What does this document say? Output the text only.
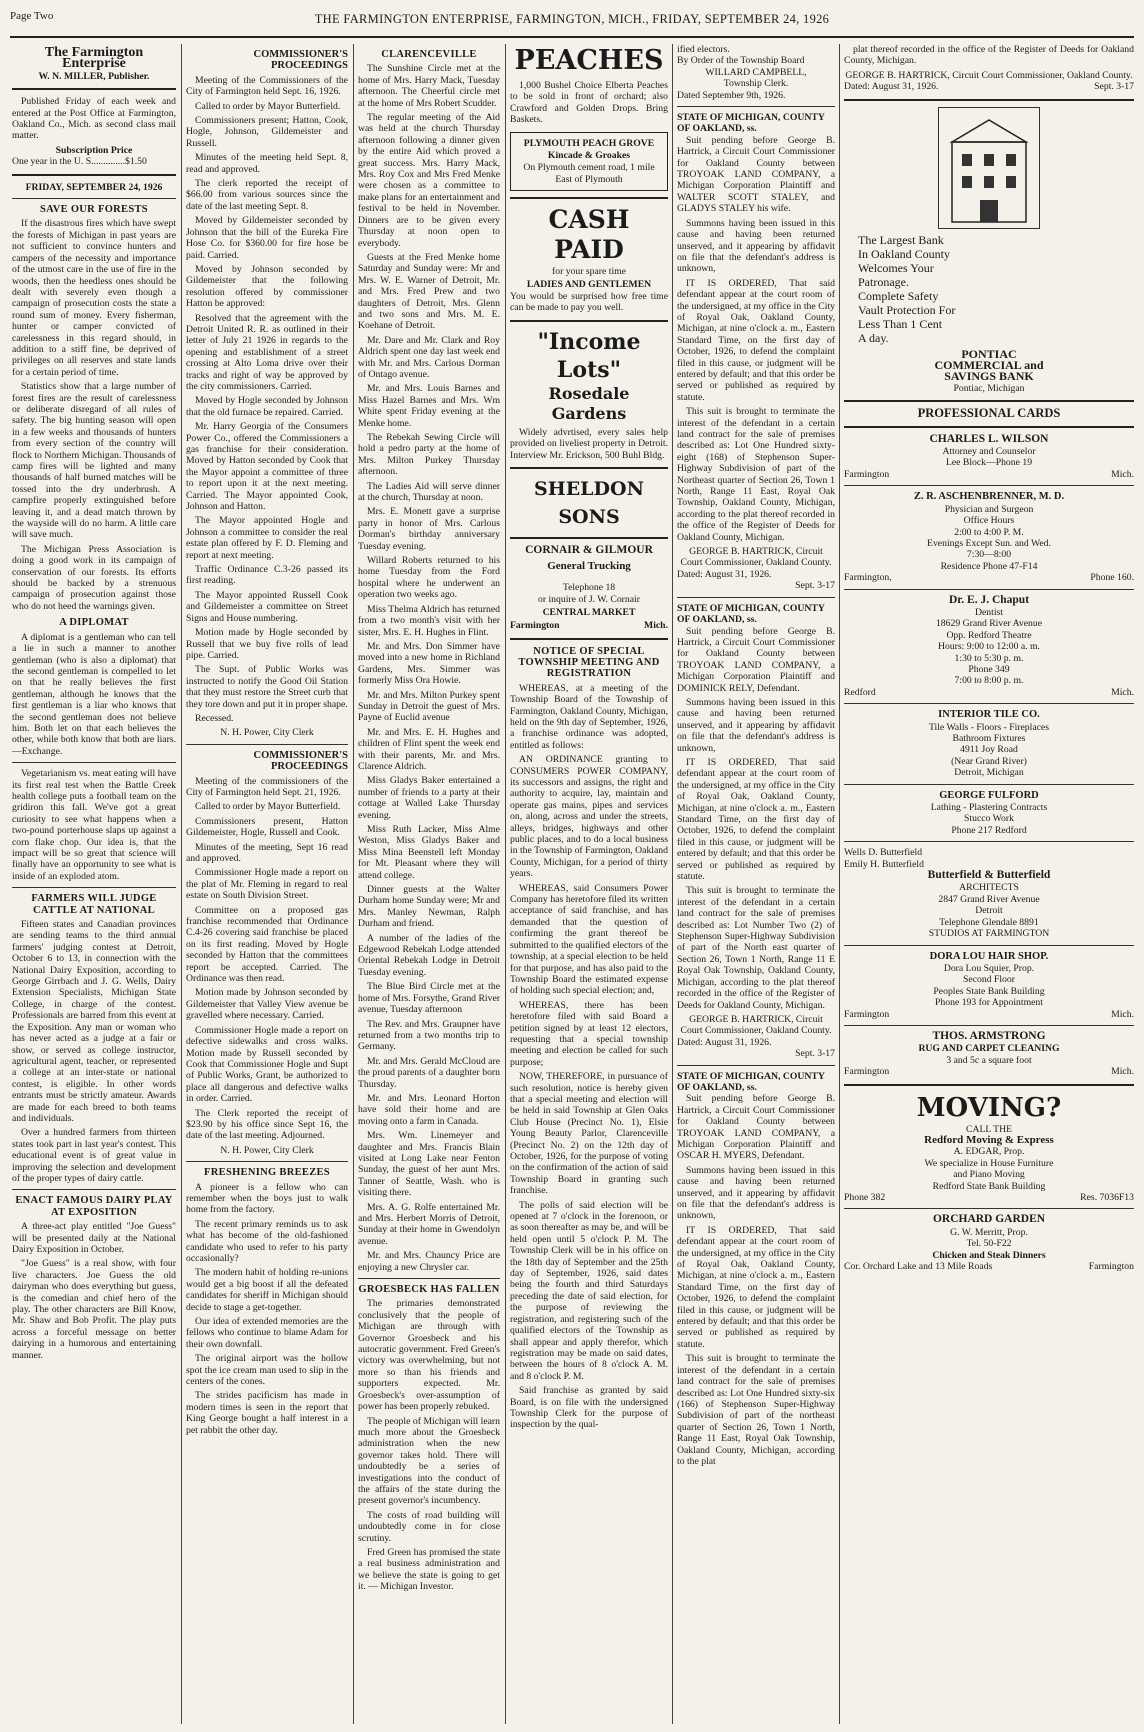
Page Two	THE FARMINGTON ENTERPRISE, FARMINGTON, MICH., FRIDAY, SEPTEMBER 24, 1926
The Farmington Enterprise
W. N. MILLER, Publisher.

Published Friday of each week and entered at the Post Office at Farmington, Oakland Co., Mich. as second class mail matter.

Subscription Price
One year in the U. S..............$1.50
FRIDAY, SEPTEMBER 24, 1926
SAVE OUR FORESTS

If the disastrous fires which have swept the forests of Michigan in past years are not sufficient to convince hunters and campers of the necessity and importance of the utmost care in the use of fire in the woods, then the heedless ones should be dealt with severely even though a campaign of prosecution costs the state a round sum of money. Every fisherman, hunter or camper convicted of carelessness in this regard should, in addition to a stiff fine, be deprived of privileges on all reserves and state lands for a certain period of time.

Statistics show that a large number of forest fires are the result of carelessness or deliberate disregard of all rules of safety. The big hunting season will open in a few weeks and thousands of hunters from every section of the country will flock to Northern Michigan. Thousands of camp fires will be lighted and many thousands of half burned matches will be tossed into the dry underbrush. A campfire properly extinguished before leaving it, and a dead match thrown by the wayside will do no harm. A little care will save much.

The Michigan Press Association is doing a good work in its campaign of conservation of our forests. Its efforts should be backed by a strenuous campaign of prosecution against those who do not heed the warnings given.

A DIPLOMAT

A diplomat is a gentleman who can tell a lie in such a manner to another gentleman (who is also a diplomat) that the second gentleman is compelled to let on that he really believes the first gentleman, although he knows that the first gentleman is a liar who knows that the second gentleman does not believe him. Both let on that each believes the other, while both know that both are liars.—Exchange.

Vegetarianism vs. meat eating will have its first real test when the Battle Creek health college puts a football team on the gridiron this fall. We've got a great curiosity to see what happens when a two-pound porterhouse slaps up against a corn flake chop. Our idea is, that the impact will be so great that science will finally have an opportunity to see what is inside of an exploded atom.

FARMERS WILL JUDGE CATTLE AT NATIONAL

Fifteen states and Canadian provinces are sending teams to the third annual farmers' judging contest at Detroit, October 6 to 13, in connection with the National Dairy Exposition, according to George Girrbach and J. G. Wells, Dairy Extension Specialists, Michigan State College, in charge of the contest. Professionals are barred from this event at the Exposition. Any man or woman who has never acted as a judge at a fair or show, or served as college instructor, agricultural agent, teacher, or represented a college at an inter-state or national contest, is eligible. In other words entrants must be strictly amateur. Awards are made for each breed to both teams and individuals.

Over a hundred farmers from thirteen states took part in last year's contest. This educational event is of great value in improving the selection and development of the proper types of dairy cattle.

ENACT FAMOUS DAIRY PLAY AT EXPOSITION

A three-act play entitled "Joe Guess" will be presented daily at the National Dairy Exposition in October.

"Joe Guess" is a real show, with four live characters. Joe Guess the old dairyman who does everything but guess, is the comedian and chief hero of the play. The other characters are Bill Know, Mr. Shaw and Bob Profit. The play puts across a forceful message on better dairying in a humorous and entertaining manner.

COMMISSIONER'S PROCEEDINGS

Meeting of the Commissioners of the City of Farmington held Sept. 16, 1926.

Called to order by Mayor Butterfield.

Commissioners present; Hatton, Cook, Hogle, Johnson, Gildemeister and Russell.

Minutes of the meeting held Sept. 8, read and approved.

The clerk reported the receipt of $66.00 from various sources since the date of the last meeting Sept. 8.

Moved by Gildemeister seconded by Johnson that the bill of the Eureka Fire Hose Co. for $360.00 for fire hose be paid. Carried.

Moved by Johnson seconded by Gildemeister that the following resolution offered by commissioner Hatton be approved:

Resolved that the agreement with the Detroit United R. R. as outlined in their letter of July 21 1926 in regards to the opening and establishment of a street crossing at Alto Loma drive over their tracks and right of way be approved by the city commissioners. Carried.

Moved by Hogle seconded by Johnson that the old furnace be repaired. Carried.

Mr. Harry Georgia of the Consumers Power Co., offered the Commissioners a gas franchise for their consideration. Moved by Hatton seconded by Cook that the Mayor appoint a committee of three to report upon it at the next meeting. Carried. The Mayor appointed Cook, Johnson and Hatton.

The Mayor appointed Hogle and Johnson a committee to consider the real estate plan offered by F. D. Fleming and report at next meeting.

Traffic Ordinance C.3-26 passed its first reading.

The Mayor appointed Russell Cook and Gildemeister a committee on Street Signs and House numbering.

Motion made by Hogle seconded by Russell that we buy five rolls of lead pipe. Carried.

The Supt. of Public Works was instructed to notify the Good Oil Station that they must restore the Street curb that they tore down and put it in proper shape.

Recessed.

N. H. Power, City Clerk
COMMISSIONER'S PROCEEDINGS

Meeting of the commissioners of the City of Farmington held Sept. 21, 1926.

Called to order by Mayor Butterfield.

Commissioners present, Hatton Gildemeister, Hogle, Russell and Cook.

Minutes of the meeting, Sept 16 read and approved.

Commissioner Hogle made a report on the plat of Mr. Fleming in regard to real estate on South Division Street.

Committee on a proposed gas franchise recommended that Ordinance C.4-26 covering said franchise be placed on its first reading. Moved by Hogle seconded by Hatton that the committees report be accepted. Carried. The Ordinance was then read.

Motion made by Johnson seconded by Gildemeister that Valley View avenue be gravelled where necessary. Carried.

Commissioner Hogle made a report on defective sidewalks and cross walks. Motion made by Russell seconded by Cook that Commissioner Hogle and Supt of Public Works, Grant, be authorized to place all dangerous and defective walks in order. Carried.

The Clerk reported the receipt of $23.90 by his office since Sept 16, the date of the last meeting. Adjourned.

N. H. Power, City Clerk
FRESHENING BREEZES

A pioneer is a fellow who can remember when the boys just to walk home from the factory.

The recent primary reminds us to ask what has become of the old-fashioned candidate who used to refer to his party occasionally?

The modern habit of holding re-unions would get a big boost if all the defeated candidates for sheriff in Michigan should decide to stage a get-together.

Our idea of extended memories are the fellows who continue to blame Adam for their own downfall.

The original airport was the hollow spot the ice cream man used to slip in the centers of the cones.

The strides pacificism has made in modern times is seen in the report that King George bought a half interest in a pet rabbit the other day.

CLARENCEVILLE

The Sunshine Circle met at the home of Mrs. Harry Mack, Tuesday afternoon. The Cheerful circle met at the home of Mrs Robert Scudder.

The regular meeting of the Aid was held at the church Thursday afternoon following a dinner given by the entire Aid which proved a great success. Mrs. Harry Mack, Mrs. Roy Cox and Mrs Fred Menke were chosen as a committee to make plans for an entertainment and festival to be held in November. Dinners are to be given every Thursday at noon open to everybody.

Guests at the Fred Menke home Saturday and Sunday were: Mr and Mrs. W. E. Warner of Detroit, Mr. and Mrs. Fred Prew and two daughters of Detroit, Mrs. Glenn and two sons and Mrs. M. E. Koehane of Detroit.

Mr. Dare and Mr. Clark and Roy Aldrich spent one day last week end with Mr. and Mrs. Carlous Dorman of Ontago avenue.

Mr. and Mrs. Louis Barnes and Miss Hazel Barnes and Mrs. Wm White spent Friday evening at the Menke home.

The Rebekah Sewing Circle will hold a pedro party at the home of Mrs. Milton Purkey Thursday afternoon.

The Ladies Aid will serve dinner at the church, Thursday at noon.

Mrs. E. Monett gave a surprise party in honor of Mrs. Carlous Dorman's birthday anniversary Tuesday evening.

Willard Roberts returned to his home Tuesday from the Ford hospital where he underwent an operation two weeks ago.

Miss Thelma Aldrich has returned from a two month's visit with her sister, Mrs. E. H. Hughes in Flint.

Mr. and Mrs. Don Simmer have moved into a new home in Richland Gardens, Mrs. Simmer was formerly Miss Ora Howie.

Mr. and Mrs. Milton Purkey spent Sunday in Detroit the guest of Mrs. Payne of Euclid avenue

Mr. and Mrs. E. H. Hughes and children of Flint spent the week end with their parents, Mr. and Mrs. Clarence Aldrich.

Miss Gladys Baker entertained a number of friends to a party at their cottage at Walled Lake Thursday evening.

Miss Ruth Lacker, Miss Alme Weston, Miss Gladys Baker and Miss Mina Beenstell left Monday for Mt. Pleasant where they will attend college.

Dinner guests at the Walter Durham home Sunday were; Mr and Mrs. Manley Newman, Ralph Durham and friend.

A number of the ladies of the Edgewood Rebekah Lodge attended Oriental Rebekah Lodge in Detroit Tuesday evening.

The Blue Bird Circle met at the home of Mrs. Forsythe, Grand River avenue, Tuesday afternoon

The Rev. and Mrs. Graupner have returned from a two months trip to Germany.

Mr. and Mrs. Gerald McCloud are the proud parents of a daughter born Thursday.

Mr. and Mrs. Leonard Horton have sold their home and are moving onto a farm in Canada.

Mrs. Wm. Linemeyer and daughter and Mrs. Francis Blain visited at Long Lake near Fenton Sunday, the guest of her aunt Mrs. Tanner of Seattle, Wash. who is visiting there.

Mrs. A. G. Rolfe entertained Mr. and Mrs. Herbert Morris of Detroit, Sunday at their home in Gwendolyn avenue.

Mr. and Mrs. Chauncy Price are enjoying a new Chrysler car.

GROESBECK HAS FALLEN

The primaries demonstrated conclusively that the people of Michigan are through with Governor Groesbeck and his autocratic government. Fred Green's victory was overwhelming, but not more so than his friends and supporters expected. Mr. Groesbeck's over-assumption of power has been properly rebuked.

The people of Michigan will learn much more about the Groesbeck administration when the new governor takes hold. There will undoubtedly be a series of investigations into the conduct of the affairs of the state during the present governor's incumbency.

The costs of road building will undoubtedly come in for close scrutiny.

Fred Green has promised the state a real business administration and we believe the state is going to get it. — Michigan Investor.

PEACHES

1,000 Bushel Choice Elberta Peaches to be sold in front of orchard; also Crawford and Golden Drops. Bring Baskets.

PLYMOUTH PEACH GROVE
Kincade & Groakes
On Plymouth cement road, 1 mile East of Plymouth
CASH PAID
for your spare time
LADIES AND GENTLEMEN

You would be surprised how free time can be made to pay you well.

"Income Lots"
Rosedale Gardens

Widely advrtised, every sales help provided on liveliest property in Detroit. Interview Mr. Erickson, 500 Buhl Bldg.

SHELDON SONS
CORNAIR & GILMOUR
General Trucking
Telephone 18
or inquire of J. W. Cornair
CENTRAL MARKET
Farmington	Mich.
NOTICE OF SPECIAL TOWNSHIP MEETING AND REGISTRATION

WHEREAS, at a meeting of the Township Board of the Township of Farmington, Oakland County, Michigan, held on the 9th day of September, 1926, a franchise ordinance was adopted, entitled as follows:

AN ORDINANCE granting to CONSUMERS POWER COMPANY, its successors and assigns, the right and authority to acquire, lay, maintain and operate gas mains, pipes and services on, along, across and under the streets, alleys, bridges, highways and other public places, and to do a local business in the Township of Farmington, Oakland County, Michigan, for a period of thirty years.

WHEREAS, said Consumers Power Company has heretofore filed its written acceptance of said franchise, and has demanded that the question of confirming the grant thereof be submitted to the qualified electors of the township, at a special election to be held for that purpose, and has also paid to the Township Board the estimated expense of holding such special election; and,

WHEREAS, there has been heretofore filed with said Board a petition signed by at least 12 electors, requesting that a special township meeting and election be called for such purpose;

NOW, THEREFORE, in pursuance of such resolution, notice is hereby given that a special meeting and election will be held in said Township at Glen Oaks Club House (Precinct No. 1), Elsie Young Beauty Parlor, Clarenceville (Precinct No. 2) on the 12th day of October, 1926, for the purpose of voting on the confirmation of the action of said Township Board in granting such franchise.

The polls of said election will be opened at 7 o'clock in the forenoon, or as soon thereafter as may be, and will be held open until 5 o'clock P. M. The Township Clerk will be in his office on the 18th day of September and the 25th day of September, 1926, said dates being the fourth and third Saturdays preceding the date of said election, for the purpose of reviewing the registration, and registering such of the qualified electors of the Township as shall appear and apply therefor, which registration may be made on said dates, between the hours of 8 o'clock A. M. and 8 o'clock P. M.

Said franchise as granted by said Board, is on file with the undersigned Township Clerk for the purpose of inspection by the qual-

ified electors.
By Order of the Township Board
WILLARD CAMPBELL,
Township Clerk.
Dated September 9th, 1926.
STATE OF MICHIGAN, COUNTY OF OAKLAND, ss.

Suit pending before George B. Hartrick, a Circuit Court Commissioner for Oakland County between TROYOAK LAND COMPANY, a Michigan Corporation Plaintiff and WALTER SCOTT STALEY, and GLADYS STALEY his wife.

Summons having been issued in this cause and having been returned unserved, and it appearing by affidavit on file that the defendant's address is unknown,

IT IS ORDERED, That said defendant appear at the court room of the undersigned, at my office in the City of Royal Oak, Oakland County, Michigan, at nine o'clock a. m., Eastern Standard Time, on the first day of October, 1926, to defend the complaint filed in this cause, or judgment will be entered by default; and that this order be served or published as required by statute.

This suit is brought to terminate the interest of the defendant in a certain land contract for the sale of premises described as: Lot One Hundred sixty-eight (168) of Stephenson Super-Highway Subdivision of part of the Northeast quarter of Section 26, Town 1 North, Range 11 East, Royal Oak Township, Oakland County, Michigan, according to the plat thereof recorded in the office of the Register of Deeds for Oakland County, Michigan.

GEORGE B. HARTRICK, Circuit Court Commissioner, Oakland County.
Dated: August 31, 1926.
Sept. 3-17
STATE OF MICHIGAN, COUNTY OF OAKLAND, ss.

Suit pending before George B. Hartrick, a Circuit Court Commissioner for Oakland County between TROYOAK LAND COMPANY, a Michigan Corporation Plaintiff and DOMINICK RELY, Defendant.

Summons having been issued in this cause and having been returned unserved, and it appearing by affidavit on file that the defendant's address is unknown,

IT IS ORDERED, That said defendant appear at the court room of the undersigned, at my office in the City of Royal Oak, Oakland County, Michigan, at nine o'clock a. m., Eastern Standard Time, on the first day of October, 1926, to defend the complaint filed in this cause, or judgment will be entered by default; and that this order be served or published as required by statute.

This suit is brought to terminate the interest of the defendant in a certain land contract for the sale of premises described as: Lot Number Two (2) of Stephenson Super-Highway Subdivision of part of the North east quarter of Section 26, Town 1 North, Range 11 E Royal Oak Township, Oakland County, Michigan, according to the plat thereof recorded in the office of the Register of Deeds for Oakland County, Michigan.

GEORGE B. HARTRICK, Circuit Court Commissioner, Oakland County.
Dated: August 31, 1926.
Sept. 3-17
STATE OF MICHIGAN, COUNTY OF OAKLAND, ss.

Suit pending before George B. Hartrick, a Circuit Court Commissioner for Oakland County between TROYOAK LAND COMPANY, a Michigan Corporation Plaintiff and OSCAR H. MYERS, Defendant.

Summons having been issued in this cause and having been returned unserved, and it appearing by affidavit on file that the defendant's address is unknown,

IT IS ORDERED, That said defendant appear at the court room of the undersigned, at my office in the City of Royal Oak, Oakland County, Michigan, at nine o'clock a. m., Eastern Standard Time, on the first day of October, 1926, to defend the complaint filed in this cause, or judgment will be entered by default; and that this order be served or published as required by statute.

This suit is brought to terminate the interest of the defendant in a certain land contract for the sale of premises described as: Lot One Hundred sixty-six (166) of Stephenson Super-Highway Subdivision of part of the northeast quarter of Section 26, Town 1 North, Range 11 East, Royal Oak Township, Oakland County, Michigan, according to the plat

plat thereof recorded in the office of the Register of Deeds for Oakland County, Michigan.

GEORGE B. HARTRICK, Circuit Court Commissioner, Oakland County.
Dated: August 31, 1926.	Sept. 3-17
The Largest Bank
In Oakland County
Welcomes Your
Patronage.
Complete Safety
Vault Protection For
Less Than 1 Cent
A day.
PONTIAC
COMMERCIAL and
SAVINGS BANK
Pontiac, Michigan
PROFESSIONAL CARDS
CHARLES L. WILSON
Attorney and Counselor
Lee Block—Phone 19
Farmington	Mich.
Z. R. ASCHENBRENNER, M. D.
Physician and Surgeon
Office Hours
2:00 to 4:00 P. M.
Evenings Except Sun. and Wed.
7:30—8:00
Residence Phone 47-F14
Farmington,	Phone 160.
Dr. E. J. Chaput
Dentist
18629 Grand River Avenue
Opp. Redford Theatre
Hours: 9:00 to 12:00 a. m.
1:30 to 5:30 p. m.
Phone 349
7:00 to 8:00 p. m.
Redford	Mich.
INTERIOR TILE CO.
Tile Walls - Floors - Fireplaces
Bathroom Fixtures
4911 Joy Road
(Near Grand River)
Detroit, Michigan
GEORGE FULFORD
Lathing - Plastering Contracts
Stucco Work
Phone 217 Redford
Wells D. Butterfield
Emily H. Butterfield
Butterfield & Butterfield
ARCHITECTS
2847 Grand River Avenue
Detroit
Telephone Glendale 8891
STUDIOS AT FARMINGTON
DORA LOU HAIR SHOP.
Dora Lou Squier, Prop.
Second Floor
Peoples State Bank Building
Phone 193 for Appointment
Farmington	Mich.
THOS. ARMSTRONG
RUG AND CARPET CLEANING
3 and 5c a square foot
Farmington	Mich.
MOVING?
CALL THE
Redford Moving & Express
A. EDGAR, Prop.
We specialize in House Furniture
and Piano Moving
Redford State Bank Building
Phone 382	Res. 7036F13
ORCHARD GARDEN
G. W. Merritt, Prop.
Tel. 50-F22
Chicken and Steak Dinners
Cor. Orchard Lake and 13 Mile Roads	Farmington
